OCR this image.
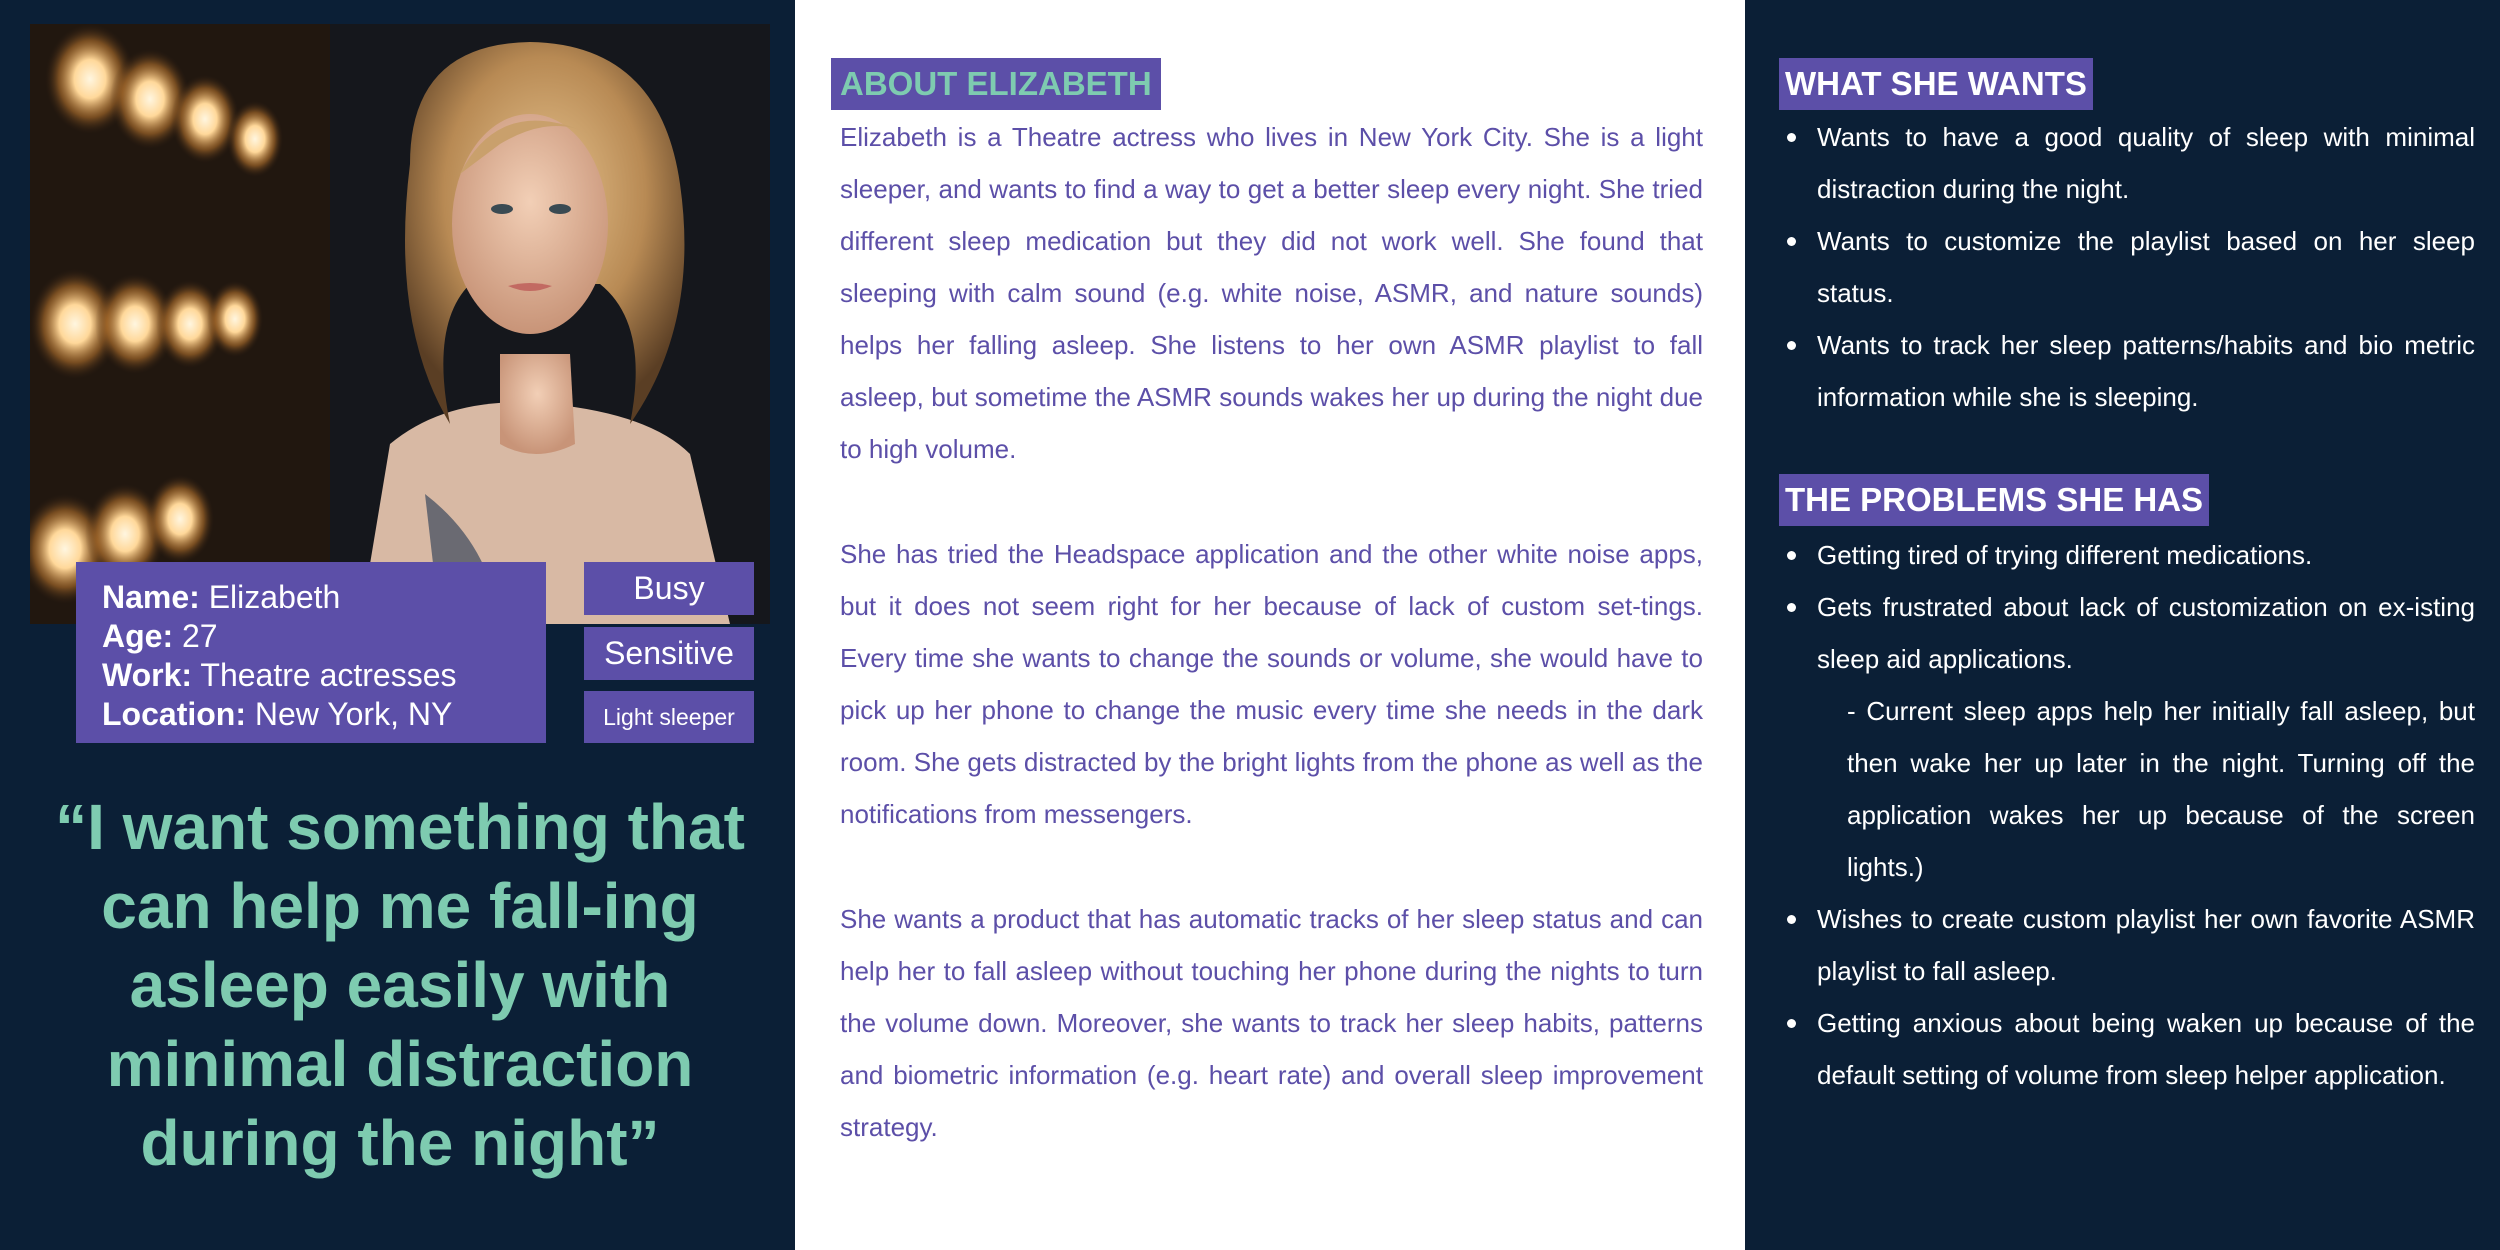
Name: Elizabeth
Age: 27
Work: Theatre actresses
Location: New York, NY
Busy
Sensitive
Light sleeper
“I want something that can help me fall-ing asleep easily with minimal distraction during the night”
ABOUT ELIZABETH

Elizabeth is a Theatre actress who lives in New York City. She is a light sleeper, and wants to find a way to get a better sleep every night. She tried different sleep medication but they did not work well. She found that sleeping with calm sound (e.g. white noise, ASMR, and nature sounds) helps her falling asleep. She listens to her own ASMR playlist to fall asleep, but sometime the ASMR sounds wakes her up during the night due to high volume.

She has tried the Headspace application and the other white noise apps, but it does not seem right for her because of lack of custom set-tings. Every time she wants to change the sounds or volume, she would have to pick up her phone to change the music every time she needs in the dark room. She gets distracted by the bright lights from the phone as well as the notifications from messengers.

She wants a product that has automatic tracks of her sleep status and can help her to fall asleep without touching her phone during the nights to turn the volume down. Moreover, she wants to track her sleep habits, patterns and biometric information (e.g. heart rate) and overall sleep improvement strategy.

WHAT SHE WANTS
Wants to have a good quality of sleep with minimal distraction during the night.
Wants to customize the playlist based on her sleep status.
Wants to track her sleep patterns/habits and bio metric information while she is sleeping.
THE PROBLEMS SHE HAS
Getting tired of trying different medications.
Gets frustrated about lack of customization on ex-isting sleep aid applications.
- Current sleep apps help her initially fall asleep, but then wake her up later in the night. Turning off the application wakes her up because of the screen lights.)
Wishes to create custom playlist her own favorite ASMR playlist to fall asleep.
Getting anxious about being waken up because of the default setting of volume from sleep helper application.
